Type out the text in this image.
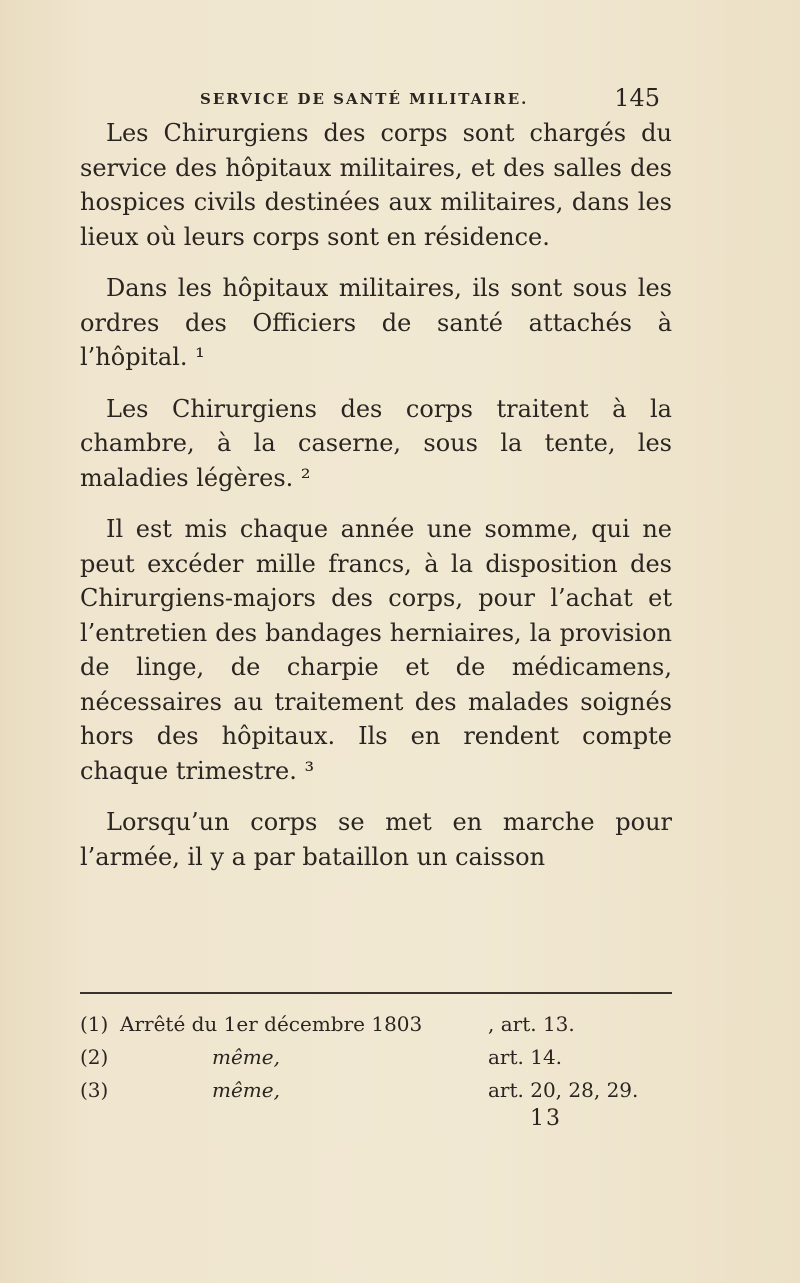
SERVICE DE SANTÉ MILITAIRE.	145

Les Chirurgiens des corps sont chargés du service des hôpitaux militaires, et des salles des hospices civils destinées aux militaires, dans les lieux où leurs corps sont en résidence.

Dans les hôpitaux militaires, ils sont sous les ordres des Officiers de santé attachés à l’hôpital. ¹

Les Chirurgiens des corps traitent à la chambre, à la caserne, sous la tente, les maladies légères. ²

Il est mis chaque année une somme, qui ne peut excéder mille francs, à la disposition des Chirurgiens-majors des corps, pour l’achat et l’entretien des bandages herniaires, la provision de linge, de charpie et de médicamens, nécessaires au traitement des malades soignés hors des hôpitaux. Ils en rendent compte chaque trimestre. ³

Lorsqu’un corps se met en marche pour l’armée, il y a par bataillon un caisson

(1) Arrêté du 1er décembre 1803	, art. 13.
(2)	même,	art. 14.
(3)	même,	art. 20, 28, 29.
13
